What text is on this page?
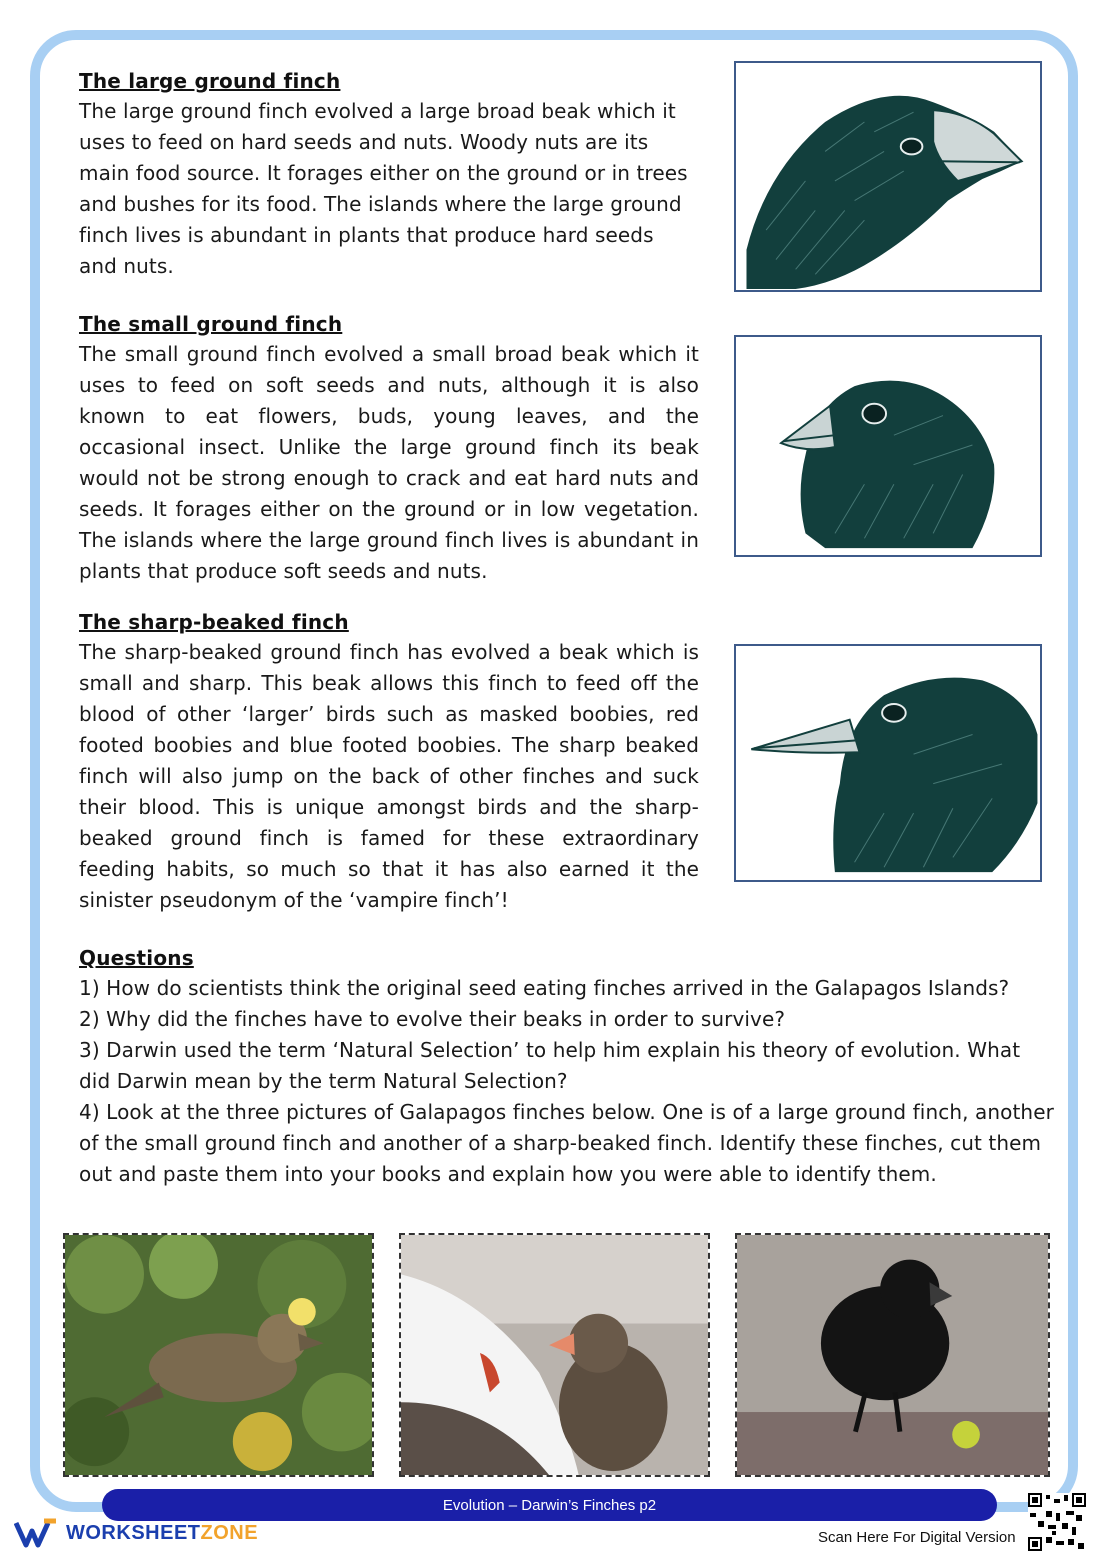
The large ground finch
The large ground finch evolved a large broad beak which it uses to feed on hard seeds and nuts. Woody nuts are its main food source. It forages either on the ground or in trees and bushes for its food. The islands where the large ground finch lives is abundant in plants that produce hard seeds and nuts.
The small ground finch
The small ground finch evolved a small broad beak which it uses to feed on soft seeds and nuts, although it is also known to eat flowers, buds, young leaves, and the occasional insect. Unlike the large ground finch its beak would not be strong enough to crack and eat hard nuts and seeds. It forages either on the ground or in low vegetation. The islands where the large ground finch lives is abundant in plants that produce soft seeds and nuts.
The sharp-beaked finch
The sharp-beaked ground finch has evolved a beak which is small and sharp. This beak allows this finch to feed off the blood of other ‘larger’ birds such as masked boobies, red footed boobies and blue footed boobies. The sharp beaked finch will also jump on the back of other finches and suck their blood. This is unique amongst birds and the sharp-beaked ground finch is famed for these extraordinary feeding habits, so much so that it has also earned it the sinister pseudonym of the ‘vampire finch’!
Questions
1) How do scientists think the original seed eating finches arrived in the Galapagos Islands?
2) Why did the finches have to evolve their beaks in order to survive?
3) Darwin used the term ‘Natural Selection’ to help him explain his theory of evolution. What did Darwin mean by the term Natural Selection?
4) Look at the three pictures of Galapagos finches below. One is of a large ground finch, another of the small ground finch and another of a sharp-beaked finch. Identify these finches, cut them out and paste them into your books and explain how you were able to identify them.
Evolution – Darwin’s Finches p2
WORKSHEETZONE	Scan Here For Digital Version
